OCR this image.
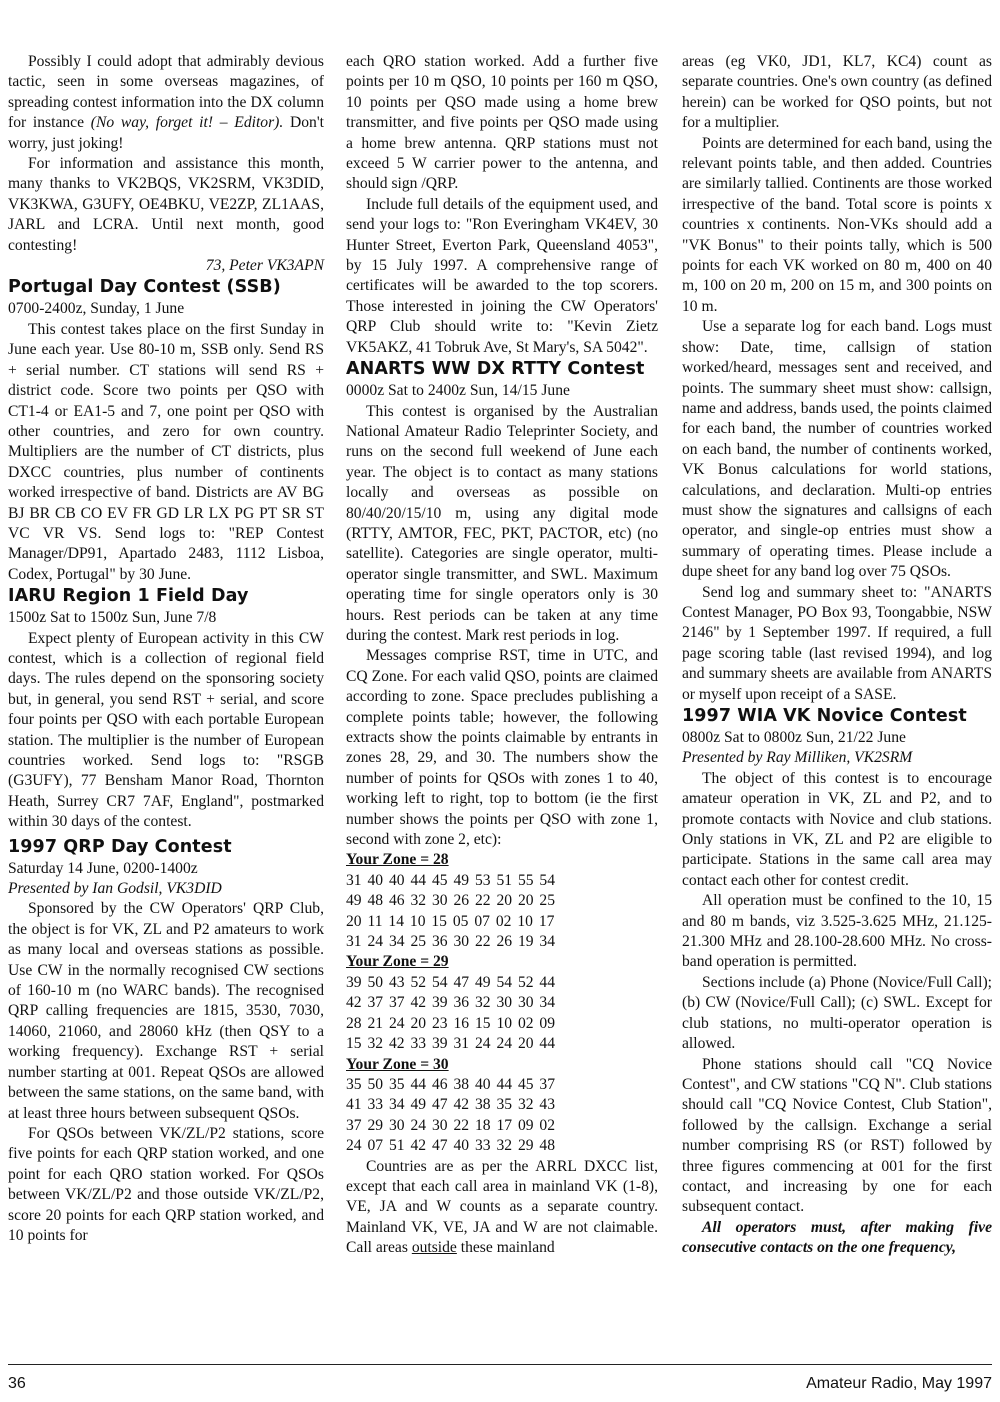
Possibly I could adopt that admirably devious tactic, seen in some overseas magazines, of spreading contest information into the DX column for instance (No way, forget it! – Editor). Don't worry, just joking!

For information and assistance this month, many thanks to VK2BQS, VK2SRM, VK3DID, VK3KWA, G3UFY, OE4BKU, VE2ZP, ZL1AAS, JARL and LCRA. Until next month, good contesting!

73, Peter VK3APN

Portugal Day Contest (SSB)

0700-2400z, Sunday, 1 June

This contest takes place on the first Sunday in June each year. Use 80-10 m, SSB only. Send RS + serial number. CT stations will send RS + district code. Score two points per QSO with CT1-4 or EA1-5 and 7, one point per QSO with other countries, and zero for own country. Multipliers are the number of CT districts, plus DXCC countries, plus number of continents worked irrespective of band. Districts are AV BG BJ BR CB CO EV FR GD LR LX PG PT SR ST VC VR VS. Send logs to: "REP Contest Manager/DP91, Apartado 2483, 1112 Lisboa, Codex, Portugal" by 30 June.

IARU Region 1 Field Day

1500z Sat to 1500z Sun, June 7/8

Expect plenty of European activity in this CW contest, which is a collection of regional field days. The rules depend on the sponsoring society but, in general, you send RST + serial, and score four points per QSO with each portable European station. The multiplier is the number of European countries worked. Send logs to: "RSGB (G3UFY), 77 Bensham Manor Road, Thornton Heath, Surrey CR7 7AF, England", postmarked within 30 days of the contest.

1997 QRP Day Contest

Saturday 14 June, 0200-1400z

Presented by Ian Godsil, VK3DID

Sponsored by the CW Operators' QRP Club, the object is for VK, ZL and P2 amateurs to work as many local and overseas stations as possible. Use CW in the normally recognised CW sections of 160-10 m (no WARC bands). The recognised QRP calling frequencies are 1815, 3530, 7030, 14060, 21060, and 28060 kHz (then QSY to a working frequency). Exchange RST + serial number starting at 001. Repeat QSOs are allowed between the same stations, on the same band, with at least three hours between subsequent QSOs.

For QSOs between VK/ZL/P2 stations, score five points for each QRP station worked, and one point for each QRO station worked. For QSOs between VK/ZL/P2 and those outside VK/ZL/P2, score 20 points for each QRP station worked, and 10 points for

each QRO station worked. Add a further five points per 10 m QSO, 10 points per 160 m QSO, 10 points per QSO made using a home brew transmitter, and five points per QSO made using a home brew antenna. QRP stations must not exceed 5 W carrier power to the antenna, and should sign /QRP.

Include full details of the equipment used, and send your logs to: "Ron Everingham VK4EV, 30 Hunter Street, Everton Park, Queensland 4053", by 15 July 1997. A comprehensive range of certificates will be awarded to the top scorers. Those interested in joining the CW Operators' QRP Club should write to: "Kevin Zietz VK5AKZ, 41 Tobruk Ave, St Mary's, SA 5042".

ANARTS WW DX RTTY Contest

0000z Sat to 2400z Sun, 14/15 June

This contest is organised by the Australian National Amateur Radio Teleprinter Society, and runs on the second full weekend of June each year. The object is to contact as many stations locally and overseas as possible on 80/40/20/15/10 m, using any digital mode (RTTY, AMTOR, FEC, PKT, PACTOR, etc) (no satellite). Categories are single operator, multi-operator single transmitter, and SWL. Maximum operating time for single operators only is 30 hours. Rest periods can be taken at any time during the contest. Mark rest periods in log.

Messages comprise RST, time in UTC, and CQ Zone. For each valid QSO, points are claimed according to zone. Space precludes publishing a complete points table; however, the following extracts show the points claimable by entrants in zones 28, 29, and 30. The numbers show the number of points for QSOs with zones 1 to 40, working left to right, top to bottom (ie the first number shows the points per QSO with zone 1, second with zone 2, etc):

Your Zone = 28

31 40 40 44 45 49 53 51 55 54

49 48 46 32 30 26 22 20 20 25

20 11 14 10 15 05 07 02 10 17

31 24 34 25 36 30 22 26 19 34

Your Zone = 29

39 50 43 52 54 47 49 54 52 44

42 37 37 42 39 36 32 30 30 34

28 21 24 20 23 16 15 10 02 09

15 32 42 33 39 31 24 24 20 44

Your Zone = 30

35 50 35 44 46 38 40 44 45 37

41 33 34 49 47 42 38 35 32 43

37 29 30 24 30 22 18 17 09 02

24 07 51 42 47 40 33 32 29 48

Countries are as per the ARRL DXCC list, except that each call area in mainland VK (1-8), VE, JA and W counts as a separate country. Mainland VK, VE, JA and W are not claimable. Call areas outside these mainland

areas (eg VK0, JD1, KL7, KC4) count as separate countries. One's own country (as defined herein) can be worked for QSO points, but not for a multiplier.

Points are determined for each band, using the relevant points table, and then added. Countries are similarly tallied. Continents are those worked irrespective of the band. Total score is points x countries x continents. Non-VKs should add a "VK Bonus" to their points tally, which is 500 points for each VK worked on 80 m, 400 on 40 m, 100 on 20 m, 200 on 15 m, and 300 points on 10 m.

Use a separate log for each band. Logs must show: Date, time, callsign of station worked/heard, messages sent and received, and points. The summary sheet must show: callsign, name and address, bands used, the points claimed for each band, the number of countries worked on each band, the number of continents worked, VK Bonus calculations for world stations, calculations, and declaration. Multi-op entries must show the signatures and callsigns of each operator, and single-op entries must show a summary of operating times. Please include a dupe sheet for any band log over 75 QSOs.

Send log and summary sheet to: "ANARTS Contest Manager, PO Box 93, Toongabbie, NSW 2146" by 1 September 1997. If required, a full page scoring table (last revised 1994), and log and summary sheets are available from ANARTS or myself upon receipt of a SASE.

1997 WIA VK Novice Contest

0800z Sat to 0800z Sun, 21/22 June

Presented by Ray Milliken, VK2SRM

The object of this contest is to encourage amateur operation in VK, ZL and P2, and to promote contacts with Novice and club stations. Only stations in VK, ZL and P2 are eligible to participate. Stations in the same call area may contact each other for contest credit.

All operation must be confined to the 10, 15 and 80 m bands, viz 3.525-3.625 MHz, 21.125-21.300 MHz and 28.100-28.600 MHz. No cross-band operation is permitted.

Sections include (a) Phone (Novice/Full Call); (b) CW (Novice/Full Call); (c) SWL. Except for club stations, no multi-operator operation is allowed.

Phone stations should call "CQ Novice Contest", and CW stations "CQ N". Club stations should call "CQ Novice Contest, Club Station", followed by the callsign. Exchange a serial number comprising RS (or RST) followed by three figures commencing at 001 for the first contact, and increasing by one for each subsequent contact.

All operators must, after making five consecutive contacts on the one frequency,

36	Amateur Radio, May 1997
